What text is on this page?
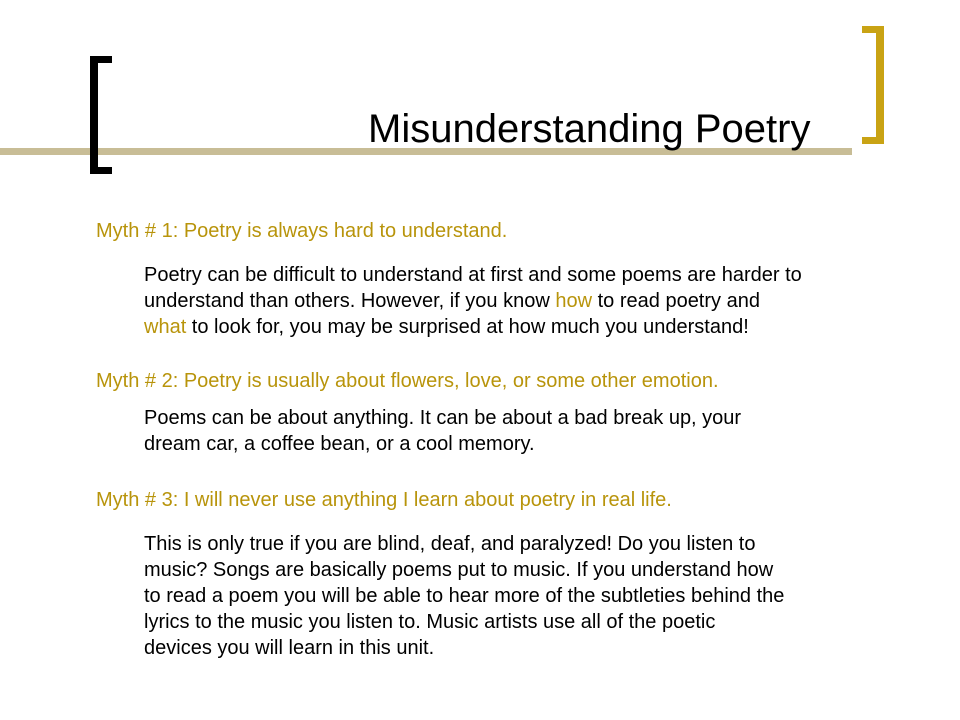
Misunderstanding Poetry
Myth # 1: Poetry is always hard to understand.
Poetry can be difficult to understand at first and some poems are harder to
understand than others. However, if you know how to read poetry and
what to look for, you may be surprised at how much you understand!
Myth # 2: Poetry is usually about flowers, love, or some other emotion.
Poems can be about anything. It can be about a bad break up, your
dream car, a coffee bean, or a cool memory.
Myth # 3: I will never use anything I learn about poetry in real life.
This is only true if you are blind, deaf, and paralyzed! Do you listen to
music? Songs are basically poems put to music. If you understand how
to read a poem you will be able to hear more of the subtleties behind the
lyrics to the music you listen to. Music artists use all of the poetic
devices you will learn in this unit.
